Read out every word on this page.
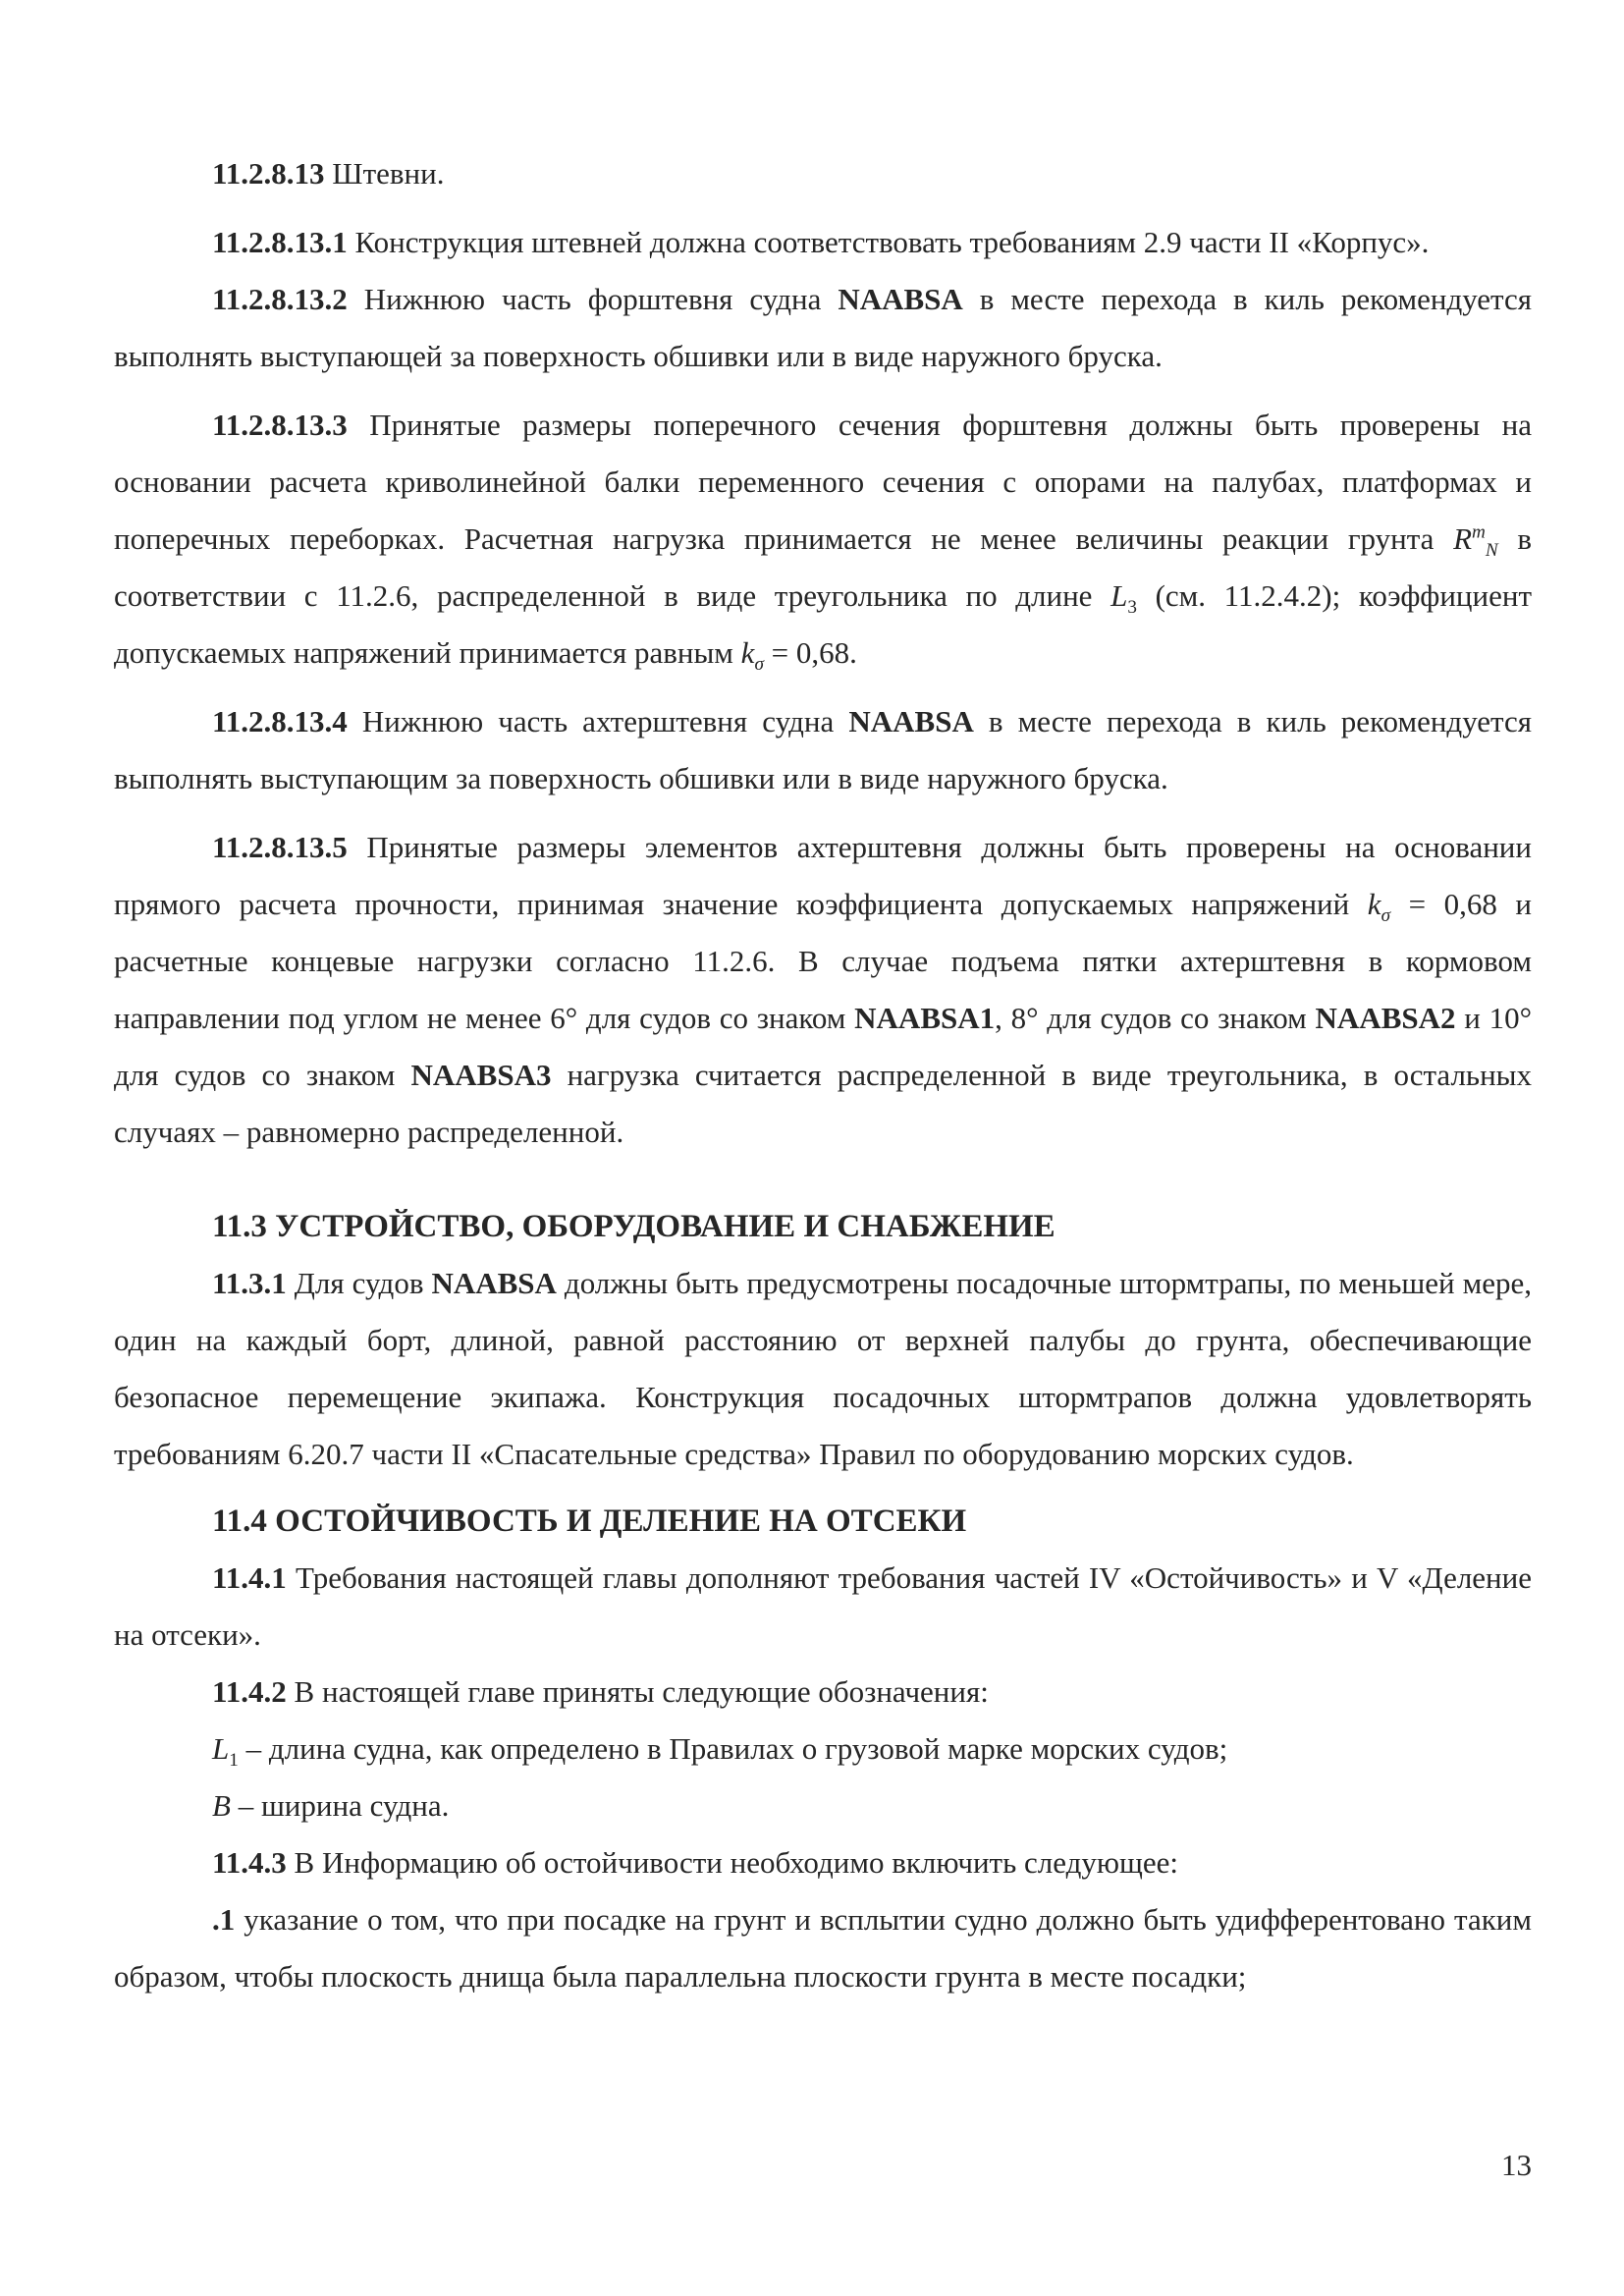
11.2.8.13 Штевни.

11.2.8.13.1 Конструкция штевней должна соответствовать требованиям 2.9 части II «Корпус».

11.2.8.13.2 Нижнюю часть форштевня судна NAABSA в месте перехода в киль рекомендуется выполнять выступающей за поверхность обшивки или в виде наружного бруска.

11.2.8.13.3 Принятые размеры поперечного сечения форштевня должны быть проверены на основании расчета криволинейной балки переменного сечения с опорами на палубах, платформах и поперечных переборках. Расчетная нагрузка принимается не менее величины реакции грунта $R^m_N$ в соответствии с 11.2.6, распределенной в виде треугольника по длине $L_3$ (см. 11.2.4.2); коэффициент допускаемых напряжений принимается равным $k_\sigma = 0,68$.

11.2.8.13.4 Нижнюю часть ахтерштевня судна NAABSA в месте перехода в киль рекомендуется выполнять выступающим за поверхность обшивки или в виде наружного бруска.

11.2.8.13.5 Принятые размеры элементов ахтерштевня должны быть проверены на основании прямого расчета прочности, принимая значение коэффициента допускаемых напряжений $k_\sigma = 0,68$ и расчетные концевые нагрузки согласно 11.2.6. В случае подъема пятки ахтерштевня в кормовом направлении под углом не менее 6° для судов со знаком NAABSA1, 8° для судов со знаком NAABSA2 и 10° для судов со знаком NAABSA3 нагрузка считается распределенной в виде треугольника, в остальных случаях – равномерно распределенной.

11.3 УСТРОЙСТВО, ОБОРУДОВАНИЕ И СНАБЖЕНИЕ

11.3.1 Для судов NAABSA должны быть предусмотрены посадочные штормтрапы, по меньшей мере, один на каждый борт, длиной, равной расстоянию от верхней палубы до грунта, обеспечивающие безопасное перемещение экипажа. Конструкция посадочных штормтрапов должна удовлетворять требованиям 6.20.7 части II «Спасательные средства» Правил по оборудованию морских судов.

11.4 ОСТОЙЧИВОСТЬ И ДЕЛЕНИЕ НА ОТСЕКИ

11.4.1 Требования настоящей главы дополняют требования частей IV «Остойчивость» и V «Деление на отсеки».

11.4.2 В настоящей главе приняты следующие обозначения:

$L_1$ – длина судна, как определено в Правилах о грузовой марке морских судов;

B – ширина судна.

11.4.3 В Информацию об остойчивости необходимо включить следующее:

.1 указание о том, что при посадке на грунт и всплытии судно должно быть удифферентовано таким образом, чтобы плоскость днища была параллельна плоскости грунта в месте посадки;

13
